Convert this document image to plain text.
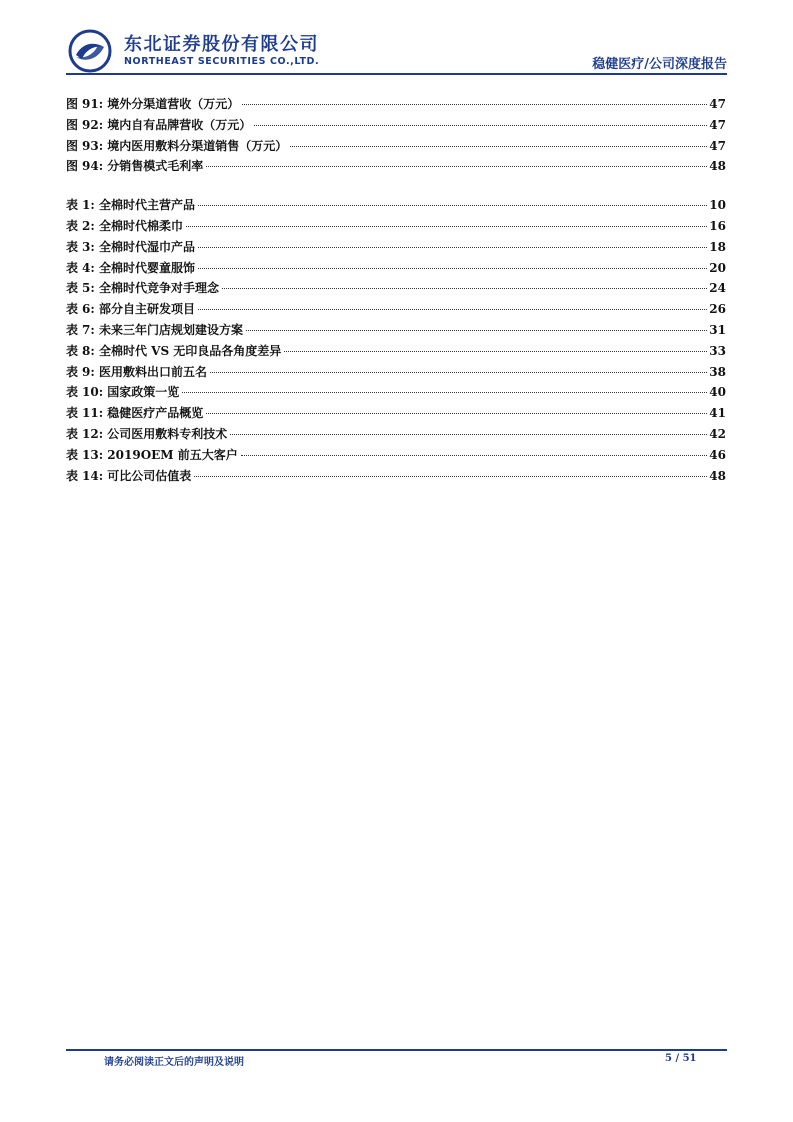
东北证券股份有限公司
NORTHEAST SECURITIES CO.,LTD.	稳健医疗/公司深度报告
图 91: 境外分渠道营收（万元）	47
图 92: 境内自有品牌营收（万元）	47
图 93: 境内医用敷料分渠道销售（万元）	47
图 94: 分销售模式毛利率	48
表 1: 全棉时代主营产品	10
表 2: 全棉时代棉柔巾	16
表 3: 全棉时代湿巾产品	18
表 4: 全棉时代婴童服饰	20
表 5: 全棉时代竞争对手理念	24
表 6: 部分自主研发项目	26
表 7: 未来三年门店规划建设方案	31
表 8: 全棉时代 VS 无印良品各角度差异	33
表 9: 医用敷料出口前五名	38
表 10: 国家政策一览	40
表 11: 稳健医疗产品概览	41
表 12: 公司医用敷料专利技术	42
表 13: 2019OEM 前五大客户	46
表 14: 可比公司估值表	48
请务必阅读正文后的声明及说明	5 / 51
